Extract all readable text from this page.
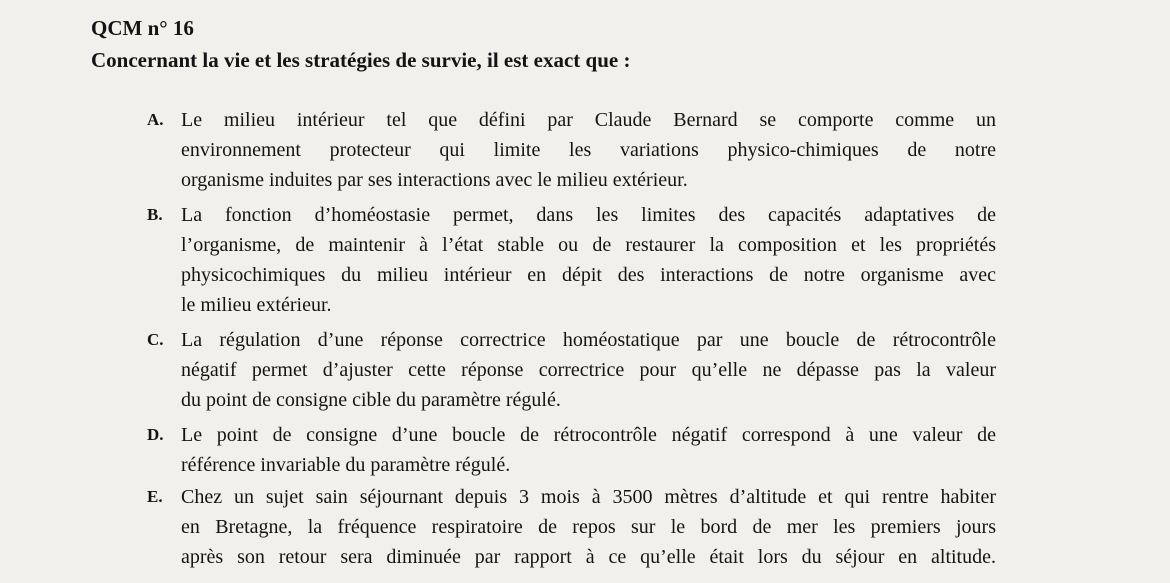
QCM n° 16

Concernant la vie et les stratégies de survie, il est exact que :

A. Le milieu intérieur tel que défini par Claude Bernard se comporte comme un
environnement protecteur qui limite les variations physico-chimiques de notre
organisme induites par ses interactions avec le milieu extérieur.
B. La fonction d’homéostasie permet, dans les limites des capacités adaptatives de
l’organisme, de maintenir à l’état stable ou de restaurer la composition et les propriétés
physicochimiques du milieu intérieur en dépit des interactions de notre organisme avec
le milieu extérieur.
C. La régulation d’une réponse correctrice homéostatique par une boucle de rétrocontrôle
négatif permet d’ajuster cette réponse correctrice pour qu’elle ne dépasse pas la valeur
du point de consigne cible du paramètre régulé.
D. Le point de consigne d’une boucle de rétrocontrôle négatif correspond à une valeur de
référence invariable du paramètre régulé.
E. Chez un sujet sain séjournant depuis 3 mois à 3500 mètres d’altitude et qui rentre habiter
en Bretagne, la fréquence respiratoire de repos sur le bord de mer les premiers jours
après son retour sera diminuée par rapport à ce qu’elle était lors du séjour en altitude.
